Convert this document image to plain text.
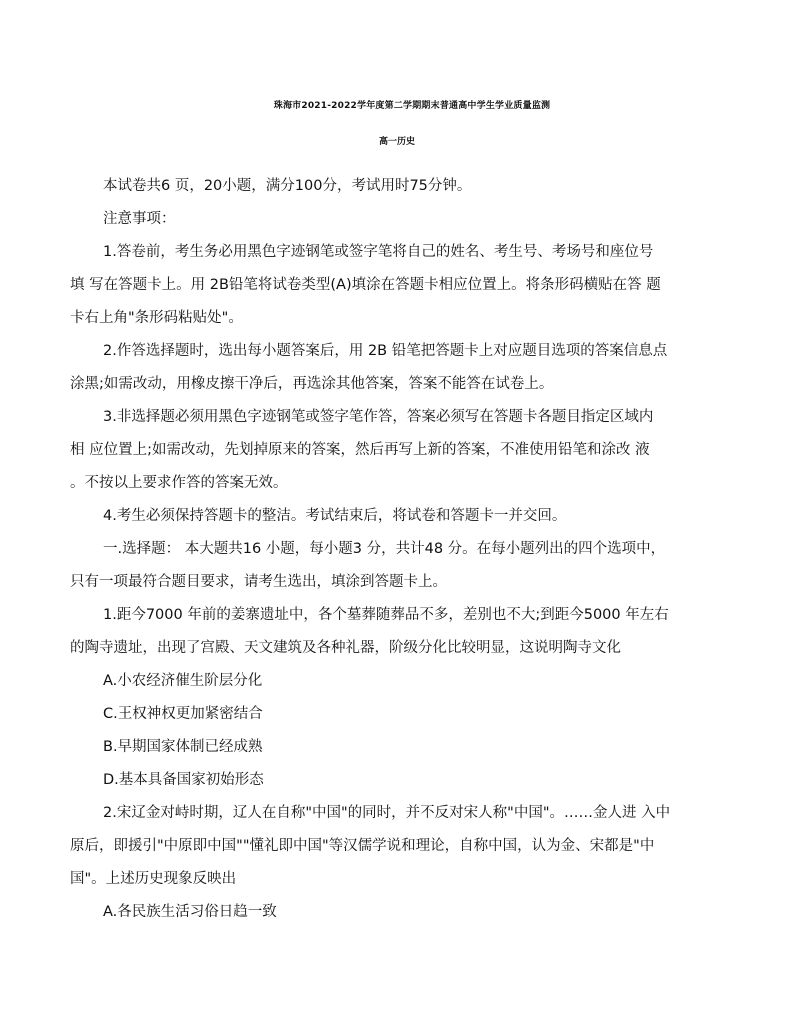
珠海市2021-2022学年度第二学期期末普通高中学生学业质量监测
高一历史
本试卷共6 页，20小题，满分100分，考试用时75分钟。
注意事项：
1.答卷前，考生务必用黑色字迹钢笔或签字笔将自己的姓名、考生号、考场号和座位号
填 写在答题卡上。用 2B铅笔将试卷类型(A)填涂在答题卡相应位置上。将条形码横贴在答 题
卡右上角"条形码粘贴处"。
2.作答选择题时，选出每小题答案后，用 2B 铅笔把答题卡上对应题目选项的答案信息点
涂黑;如需改动，用橡皮擦干净后，再选涂其他答案，答案不能答在试卷上。
3.非选择题必须用黑色字迹钢笔或签字笔作答，答案必须写在答题卡各题目指定区域内
相 应位置上;如需改动，先划掉原来的答案，然后再写上新的答案，不准使用铅笔和涂改 液
。不按以上要求作答的答案无效。
4.考生必须保持答题卡的整洁。考试结束后，将试卷和答题卡一并交回。
一.选择题： 本大题共16 小题，每小题3 分，共计48 分。在每小题列出的四个选项中，
只有一项最符合题目要求，请考生选出，填涂到答题卡上。
1.距今7000 年前的姜寨遗址中，各个墓葬随葬品不多，差别也不大;到距今5000 年左右
的陶寺遗址，出现了宫殿、天文建筑及各种礼器，阶级分化比较明显，这说明陶寺文化
A.小农经济催生阶层分化
C.王权神权更加紧密结合
B.早期国家体制已经成熟
D.基本具备国家初始形态
2.宋辽金对峙时期，辽人在自称"中国"的同时，并不反对宋人称"中国"。……金人进 入中
原后，即援引"中原即中国""懂礼即中国"等汉儒学说和理论，自称中国，认为金、宋都是"中
国"。上述历史现象反映出
A.各民族生活习俗日趋一致
